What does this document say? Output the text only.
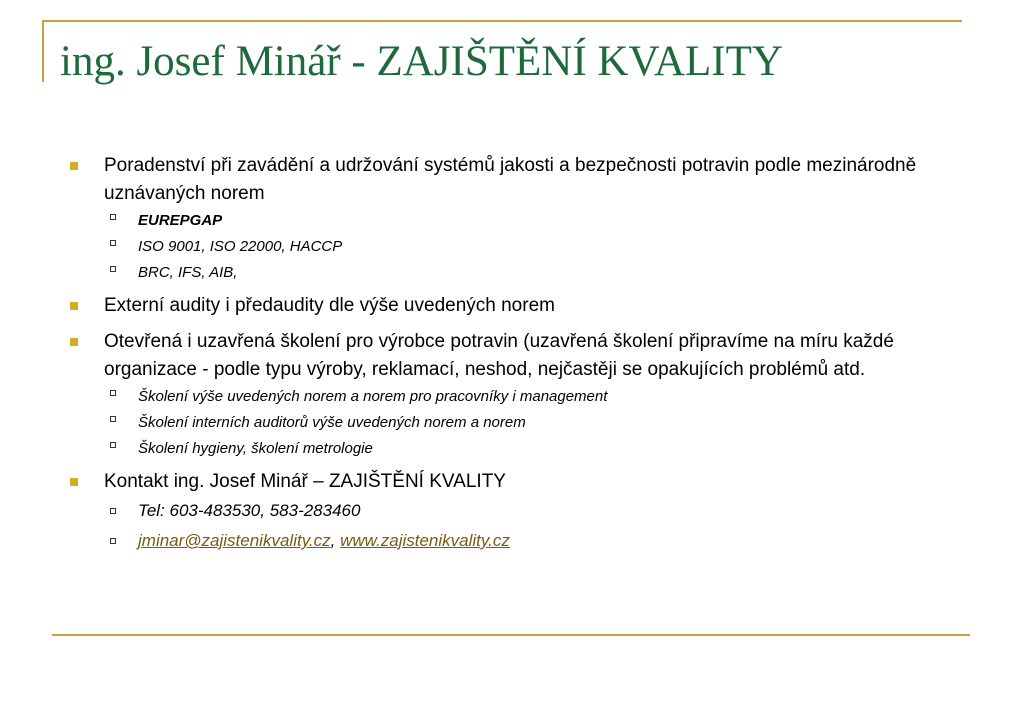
ing. Josef Minář - ZAJIŠTĚNÍ KVALITY
Poradenství při zavádění a udržování systémů jakosti a bezpečnosti potravin podle mezinárodně uznávaných norem
EUREPGAP
ISO 9001, ISO 22000, HACCP
BRC, IFS, AIB,
Externí audity i předaudity dle výše uvedených norem
Otevřená i uzavřená školení pro výrobce potravin (uzavřená školení připravíme na míru každé organizace - podle typu výroby, reklamací, neshod, nejčastěji se opakujících problémů atd.
Školení výše uvedených norem a norem pro pracovníky i management
Školení interních auditorů výše uvedených norem a norem
Školení hygieny, školení metrologie
Kontakt ing. Josef Minář – ZAJIŠTĚNÍ KVALITY
Tel: 603-483530, 583-283460
jminar@zajistenikvality.cz, www.zajistenikvality.cz
